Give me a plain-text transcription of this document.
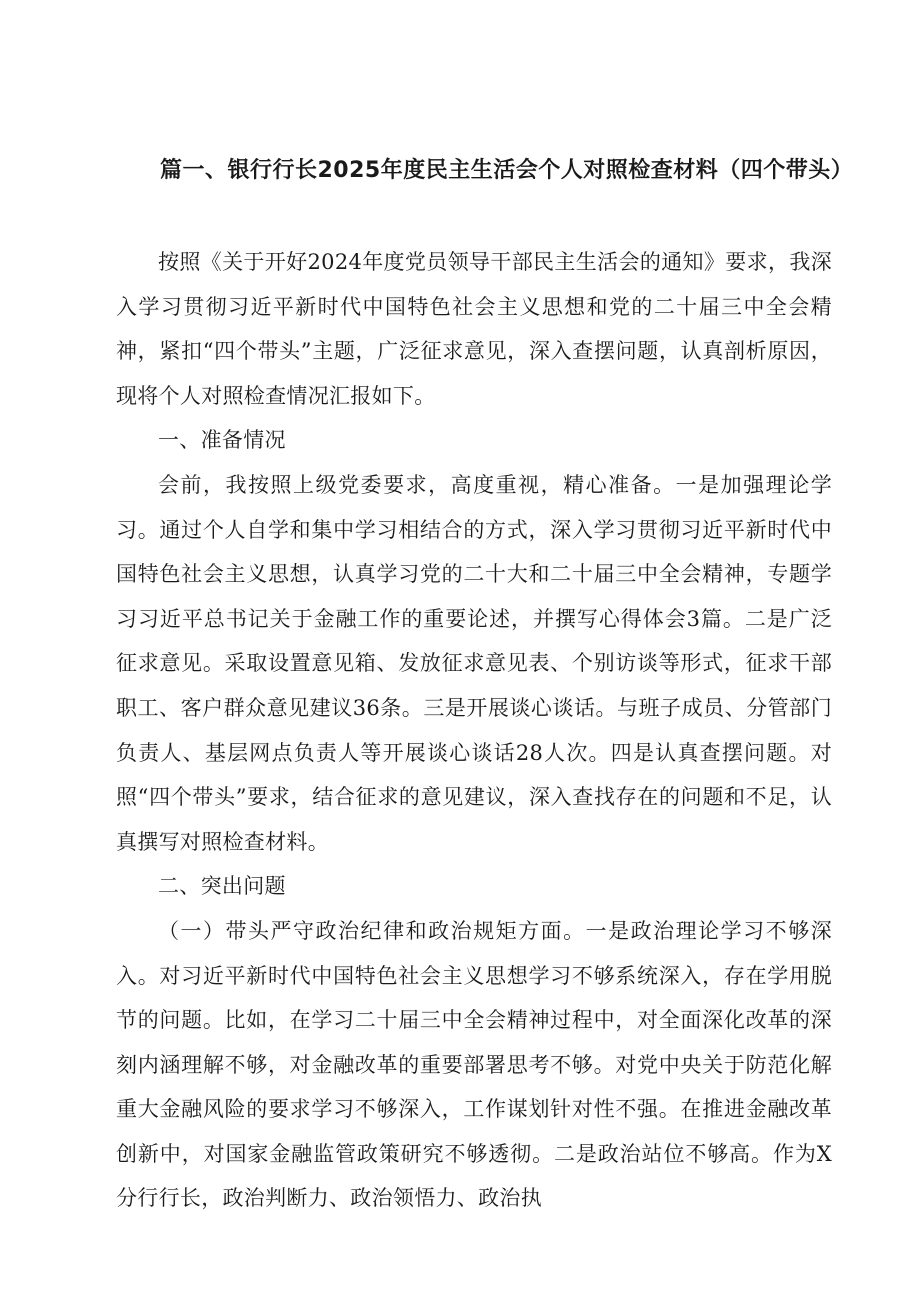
篇一、银行行长2025年度民主生活会个人对照检查材料（四个带头）

按照《关于开好2024年度党员领导干部民主生活会的通知》要求，我深入学习贯彻习近平新时代中国特色社会主义思想和党的二十届三中全会精神，紧扣“四个带头”主题，广泛征求意见，深入查摆问题，认真剖析原因，现将个人对照检查情况汇报如下。

一、准备情况

会前，我按照上级党委要求，高度重视，精心准备。一是加强理论学习。通过个人自学和集中学习相结合的方式，深入学习贯彻习近平新时代中国特色社会主义思想，认真学习党的二十大和二十届三中全会精神，专题学习习近平总书记关于金融工作的重要论述，并撰写心得体会3篇。二是广泛征求意见。采取设置意见箱、发放征求意见表、个别访谈等形式，征求干部职工、客户群众意见建议36条。三是开展谈心谈话。与班子成员、分管部门负责人、基层网点负责人等开展谈心谈话28人次。四是认真查摆问题。对照“四个带头”要求，结合征求的意见建议，深入查找存在的问题和不足，认真撰写对照检查材料。

二、突出问题

（一）带头严守政治纪律和政治规矩方面。一是政治理论学习不够深入。对习近平新时代中国特色社会主义思想学习不够系统深入，存在学用脱节的问题。比如，在学习二十届三中全会精神过程中，对全面深化改革的深刻内涵理解不够，对金融改革的重要部署思考不够。对党中央关于防范化解重大金融风险的要求学习不够深入，工作谋划针对性不强。在推进金融改革创新中，对国家金融监管政策研究不够透彻。二是政治站位不够高。作为X分行行长，政治判断力、政治领悟力、政治执
